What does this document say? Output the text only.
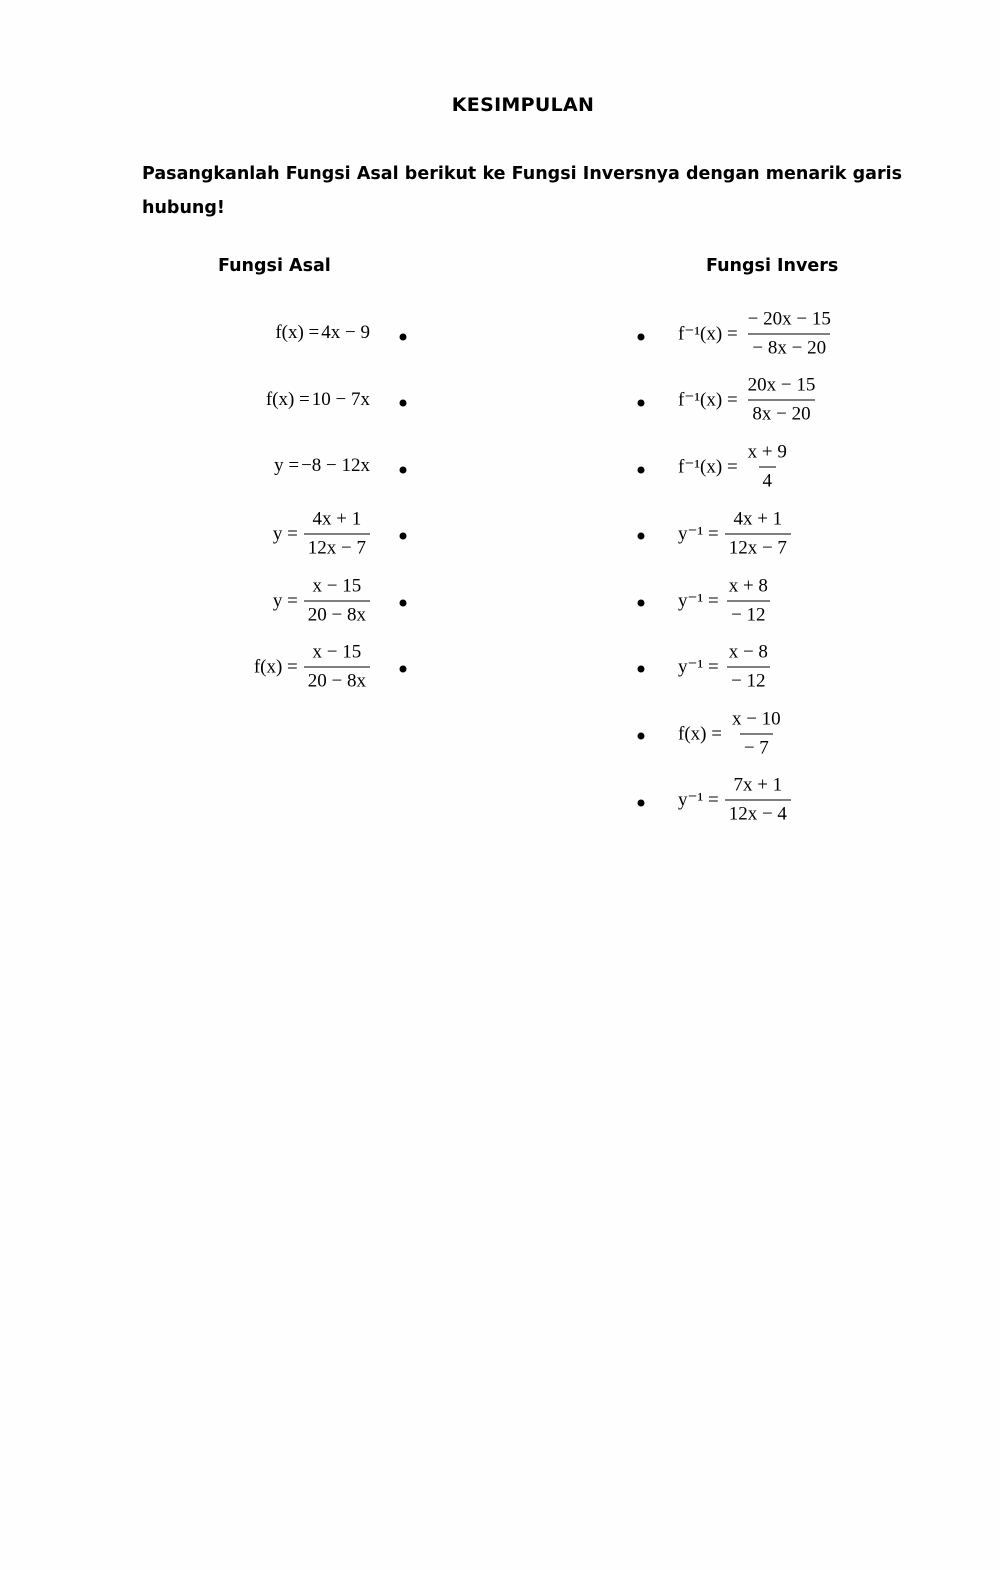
KESIMPULAN
Pasangkanlah Fungsi Asal berikut ke Fungsi Inversnya dengan menarik garis hubung!
Fungsi Asal	Fungsi Invers
f(x) = 4x − 9
f(x) = 10 − 7x
y = −8 − 12x
$y = \frac{4x + 1}{12x - 7}$
$y = \frac{x - 15}{20 - 8x}$
$f(x) = \frac{x - 15}{20 - 8x}$
$f^{-1}(x) = \frac{- 20x - 15}{- 8x - 20}$
$f^{-1}(x) = \frac{20x - 15}{8x - 20}$
$f^{-1}(x) = \frac{x + 9}{4}$
$y^{-1} = \frac{4x + 1}{12x - 7}$
$y^{-1} = \frac{x + 8}{- 12}$
$y^{-1} = \frac{x - 8}{- 12}$
$f(x) = \frac{x - 10}{- 7}$
$y^{-1} = \frac{7x + 1}{12x - 4}$
